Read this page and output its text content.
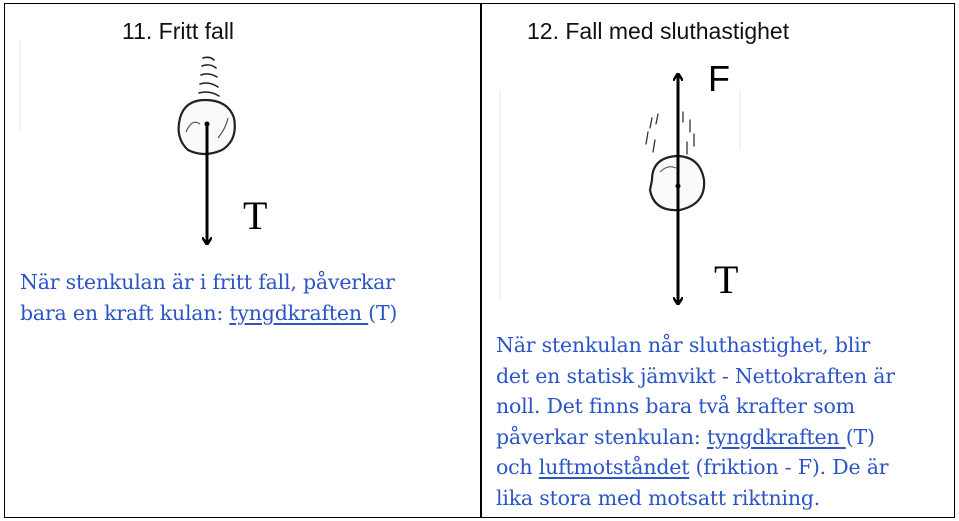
11. Fritt fall
T
När stenkulan är i fritt fall, påverkar
bara en kraft kulan: tyngdkraften (T)
12. Fall med sluthastighet
F
T
När stenkulan når sluthastighet, blir
det en statisk jämvikt - Nettokraften är
noll. Det finns bara två krafter som
påverkar stenkulan: tyngdkraften (T)
och luftmotståndet (friktion - F). De är
lika stora med motsatt riktning.
